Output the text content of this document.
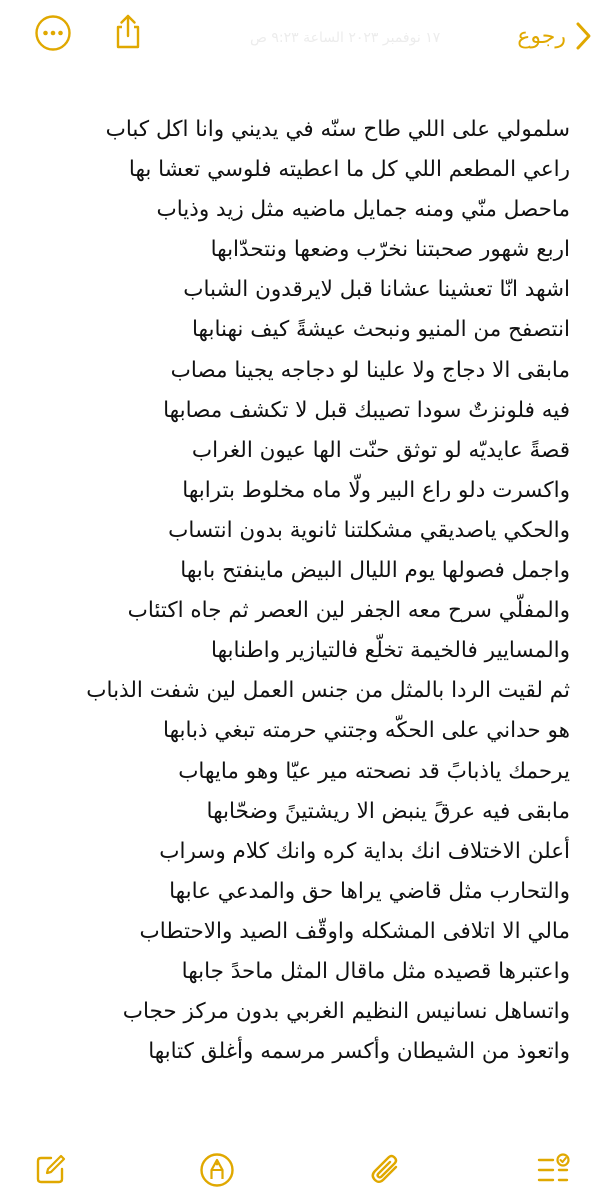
١٧ نوفمبر ٢٠٢٣ الساعة ٩:٢٣ ص	رجوع
سلمولي على اللي طاح سنّه في يديني وانا اكل كباب
راعي المطعم اللي كل ما اعطيته فلوسي تعشا بها
ماحصل منّي ومنه جمايل ماضيه مثل زيد وذياب
اربع شهور صحبتنا نخرّب وضعها ونتحدّابها
اشهد انّا تعشينا عشانا قبل لايرقدون الشباب
انتصفح من المنيو ونبحث عيشةً كيف نهنابها
مابقى الا دجاج ولا علينا لو دجاجه يجينا مصاب
فيه فلونزتٌ سودا تصيبك قبل لا تكشف مصابها
قصةً عايديّه لو توثق حنّت الها عيون الغراب
واكسرت دلو راع البير ولّا ماه مخلوط بترابها
والحكي ياصديقي مشكلتنا ثانوية بدون انتساب
واجمل فصولها يوم الليال البيض ماينفتح بابها
والمفلّي سرح معه الجفر لين العصر ثم جاه اكتئاب
والمسايير فالخيمة تخلّع فالتيازير واطنابها
ثم لقيت الردا بالمثل من جنس العمل لين شفت الذباب
هو حداني على الحكّه وجتني حرمته تبغي ذبابها
يرحمك ياذبابً قد نصحته مير عيّا وهو مايهاب
مابقى فيه عرقً ينبض الا ريشتينً وضحّابها
أعلن الاختلاف انك بداية كره وانك كلام وسراب
والتحارب مثل قاضي يراها حق والمدعي عابها
مالي الا اتلافى المشكله واوقّف الصيد والاحتطاب
واعتبرها قصيده مثل ماقال المثل ماحدً جابها
واتساهل نسانيس النظيم الغربي بدون مركز حجاب
واتعوذ من الشيطان وأكسر مرسمه وأغلق كتابها
